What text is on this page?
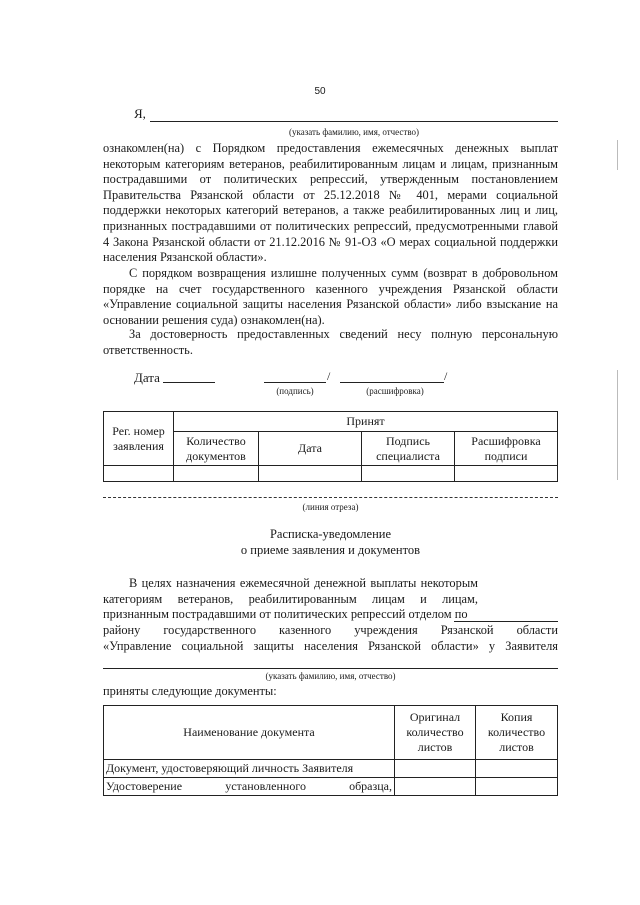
50
Я,
(указать фамилию, имя, отчество)
ознакомлен(на) с Порядком предоставления ежемесячных денежных выплат некоторым категориям ветеранов, реабилитированным лицам и лицам, признанным пострадавшими от политических репрессий, утвержденным постановлением Правительства Рязанской области от 25.12.2018 № 401, мерами социальной поддержки некоторых категорий ветеранов, а также реабилитированных лиц и лиц, признанных пострадавшими от политических репрессий, предусмотренными главой 4 Закона Рязанской области от 21.12.2016 № 91-ОЗ «О мерах социальной поддержки населения Рязанской области».
С порядком возвращения излишне полученных сумм (возврат в добровольном порядке на счет государственного казенного учреждения Рязанской области «Управление социальной защиты населения Рязанской области» либо взыскание на основании решения суда) ознакомлен(на).
За достоверность предоставленных сведений несу полную персональную ответственность.
Дата	/	/
(подпись)	(расшифровка)
Рег. номер заявления	Принят			
	Количество документов	Дата	Подпись специалиста	Расшифровка подписи

(линия отреза)
Расписка-уведомление
о приеме заявления и документов
В целях назначения ежемесячной денежной выплаты некоторым категориям ветеранов, реабилитированным лицам и лицам, признанным пострадавшими от политических репрессий отделом по
району государственного казенного учреждения Рязанской области
«Управление социальной защиты населения Рязанской области» у Заявителя
(указать фамилию, имя, отчество)
приняты следующие документы:
Наименование документа	Оригинал количество листов	Копия количество листов
Документ, удостоверяющий личность Заявителя		

Удостоверение установленного образца,		
